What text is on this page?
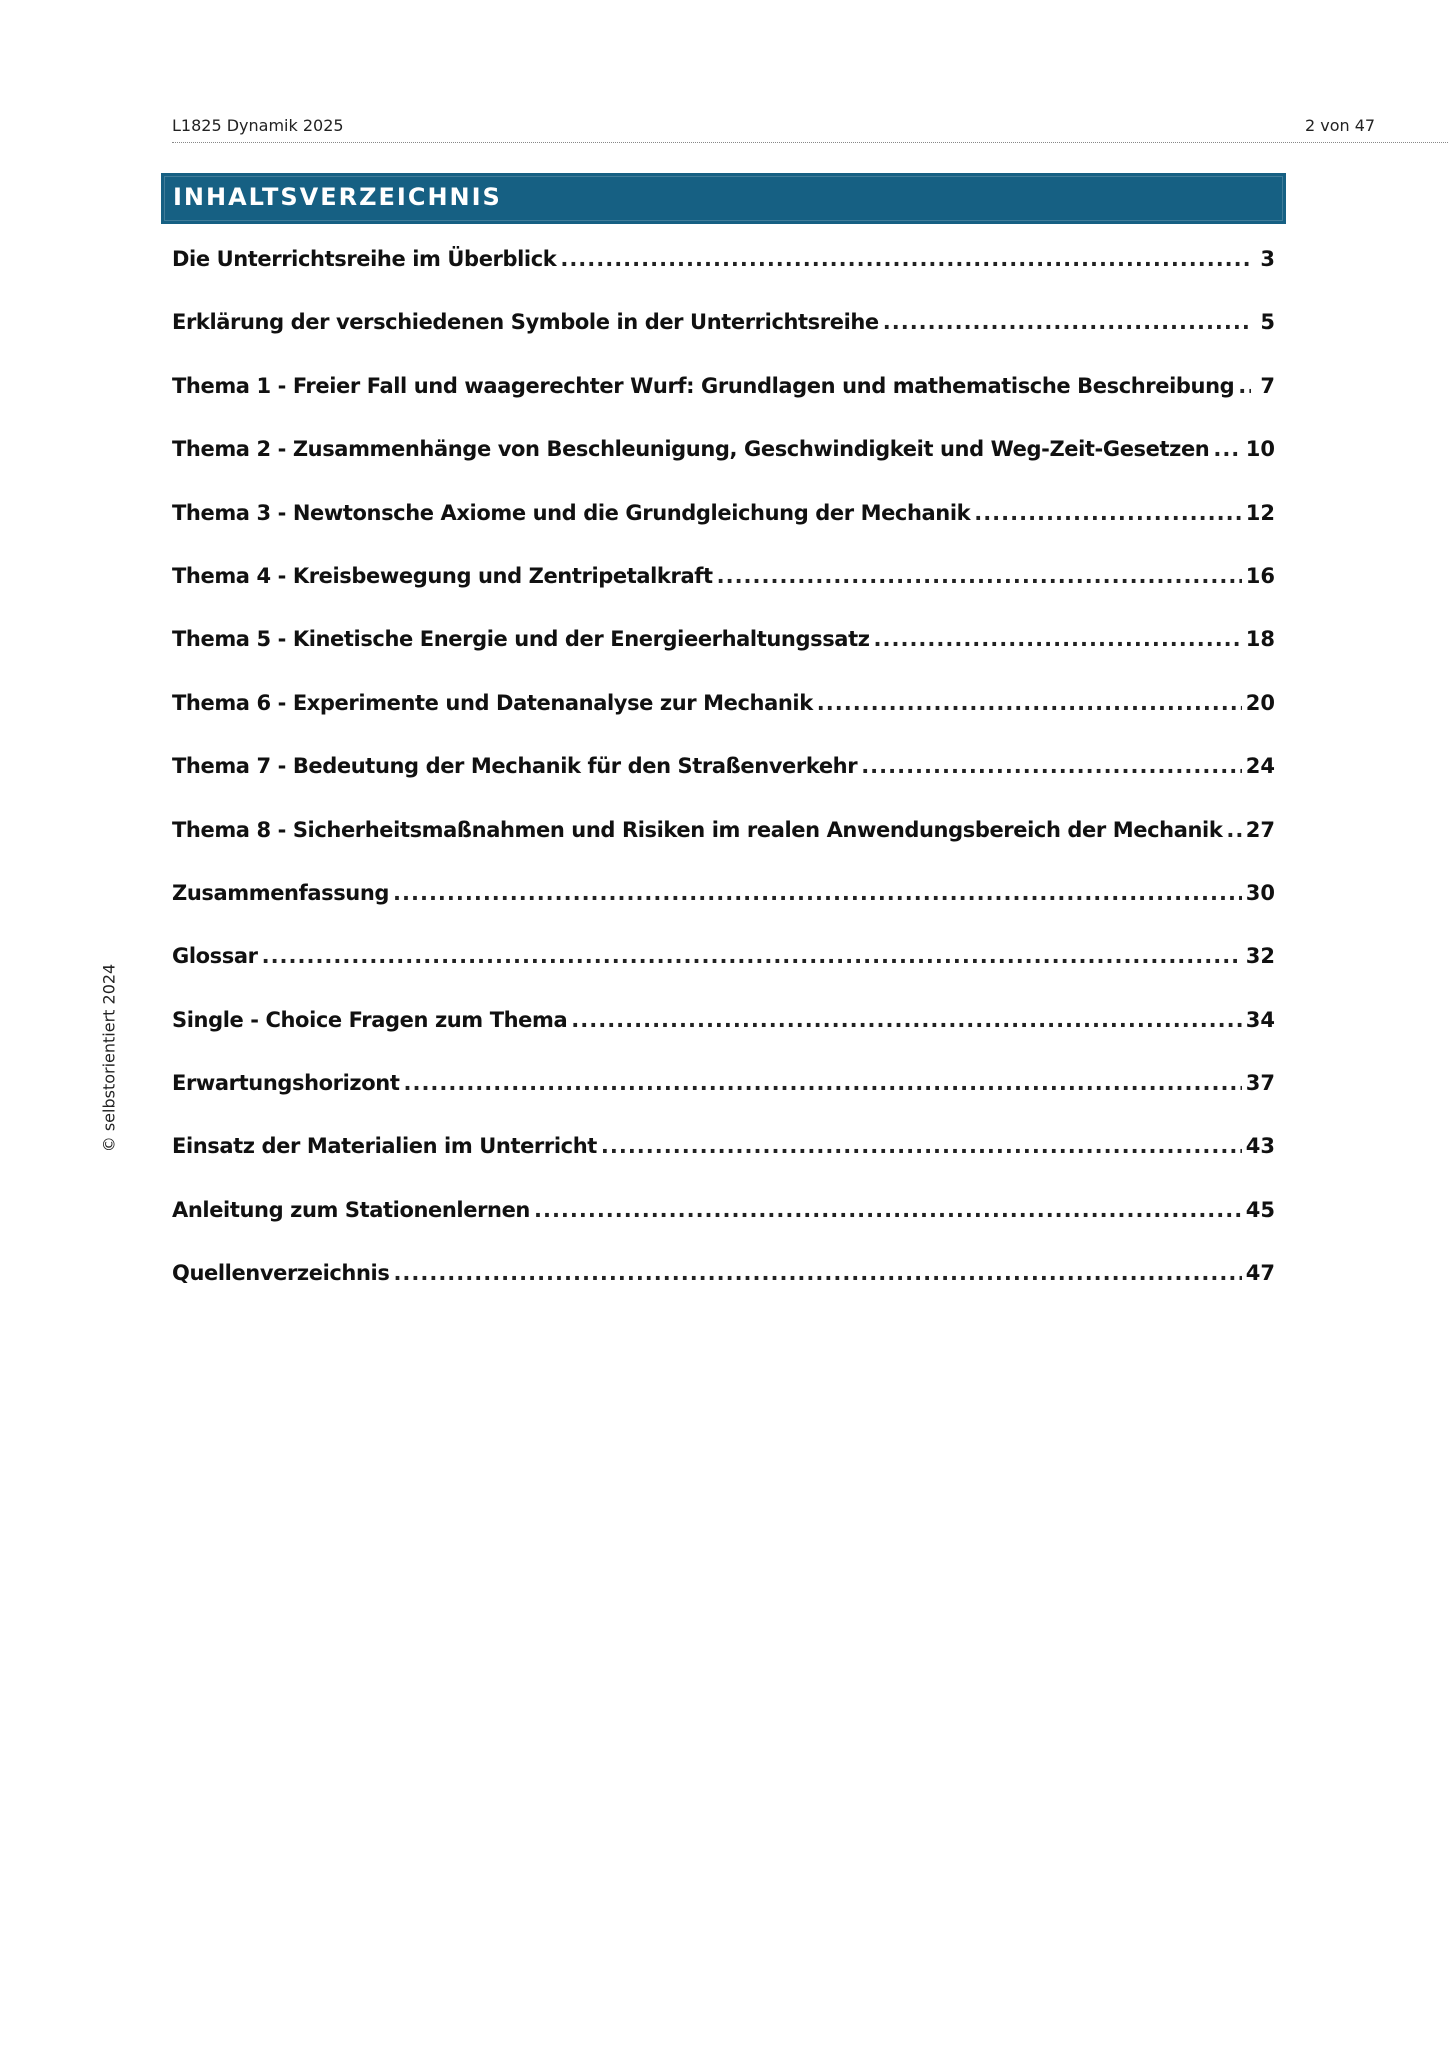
L1825 Dynamik 2025	2 von 47
INHALTSVERZEICHNIS
Die Unterrichtsreihe im Überblick .....	3
Erklärung der verschiedenen Symbole in der Unterrichtsreihe .....	5
Thema 1 - Freier Fall und waagerechter Wurf: Grundlagen und mathematische Beschreibung ..... 7
Thema 2 - Zusammenhänge von Beschleunigung, Geschwindigkeit und Weg-Zeit-Gesetzen ..... 10
Thema 3 - Newtonsche Axiome und die Grundgleichung der Mechanik .....	12
Thema 4 - Kreisbewegung und Zentripetalkraft .....	16
Thema 5 - Kinetische Energie und der Energieerhaltungssatz .....	18
Thema 6 - Experimente und Datenanalyse zur Mechanik .....	20
Thema 7 - Bedeutung der Mechanik für den Straßenverkehr .....	24
Thema 8 - Sicherheitsmaßnahmen und Risiken im realen Anwendungsbereich der Mechanik ..... 27
Zusammenfassung .....	30
Glossar .....	32
Single - Choice Fragen zum Thema .....	34
Erwartungshorizont .....	37
Einsatz der Materialien im Unterricht .....	43
Anleitung zum Stationenlernen .....	45
Quellenverzeichnis .....	47
© selbstorientiert 2024
